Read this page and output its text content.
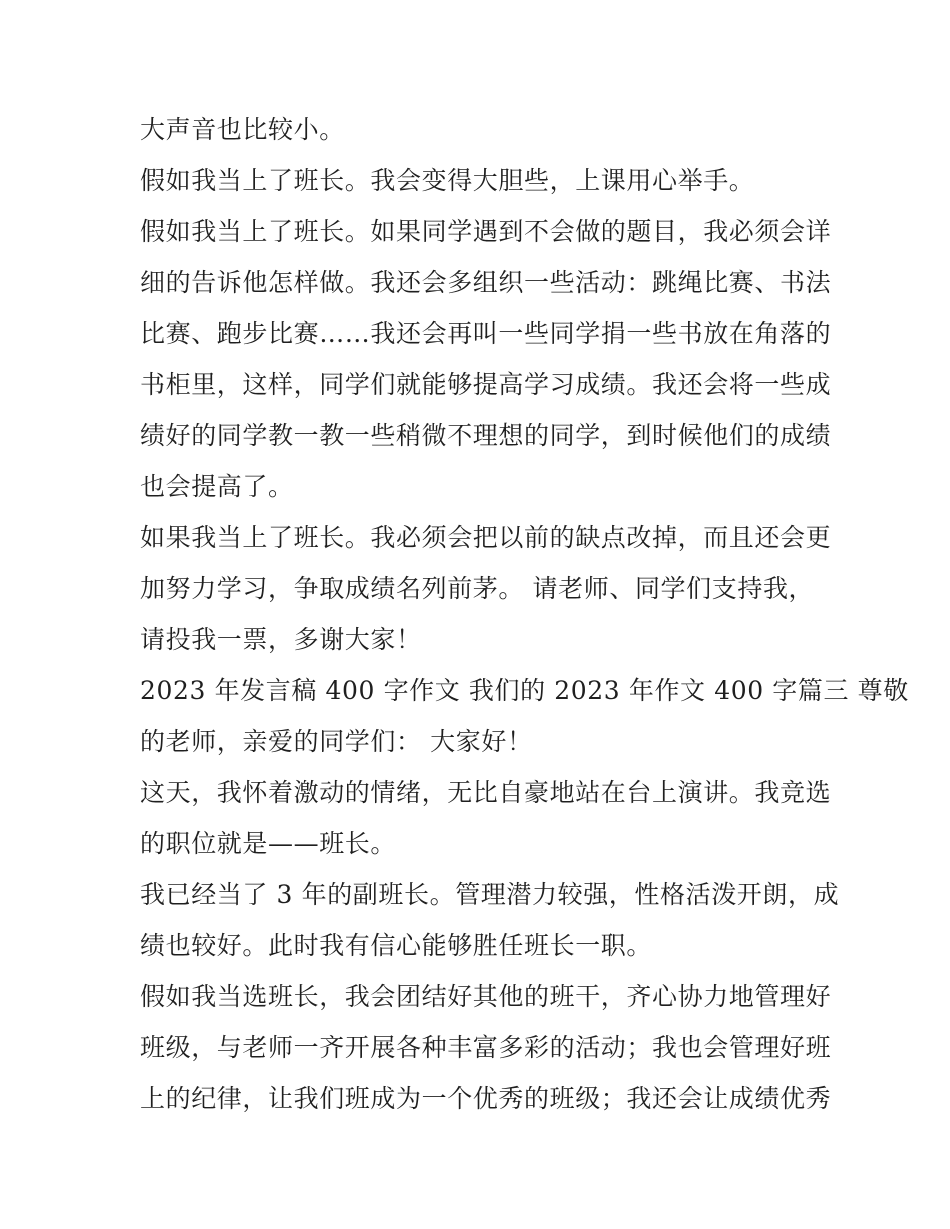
大声音也比较小。
假如我当上了班长。我会变得大胆些，上课用心举手。
假如我当上了班长。如果同学遇到不会做的题目，我必须会详
细的告诉他怎样做。我还会多组织一些活动：跳绳比赛、书法
比赛、跑步比赛……我还会再叫一些同学捐一些书放在角落的
书柜里，这样，同学们就能够提高学习成绩。我还会将一些成
绩好的同学教一教一些稍微不理想的同学，到时候他们的成绩
也会提高了。
如果我当上了班长。我必须会把以前的缺点改掉，而且还会更
加努力学习，争取成绩名列前茅。 请老师、同学们支持我，
请投我一票，多谢大家！
2023 年发言稿 400 字作文 我们的 2023 年作文 400 字篇三 尊敬
的老师，亲爱的同学们： 大家好！
这天，我怀着激动的情绪，无比自豪地站在台上演讲。我竞选
的职位就是——班长。
我已经当了 3 年的副班长。管理潜力较强，性格活泼开朗，成
绩也较好。此时我有信心能够胜任班长一职。
假如我当选班长，我会团结好其他的班干，齐心协力地管理好
班级，与老师一齐开展各种丰富多彩的活动；我也会管理好班
上的纪律，让我们班成为一个优秀的班级；我还会让成绩优秀
